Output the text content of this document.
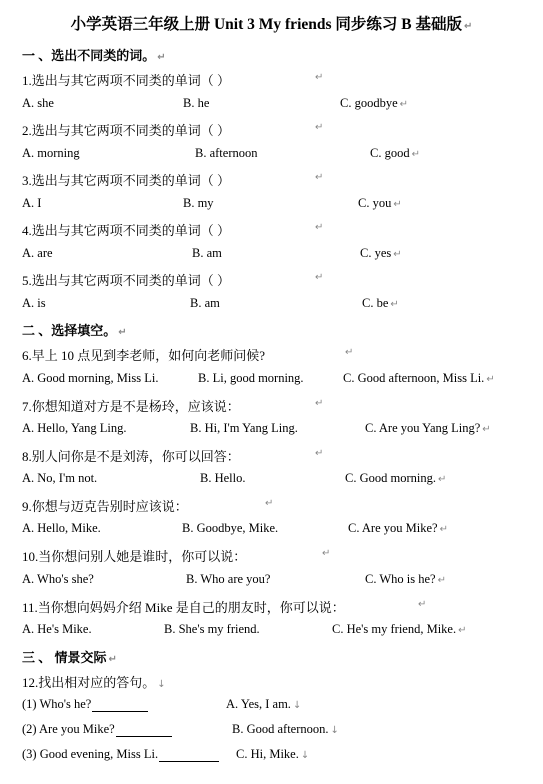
小学英语三年级上册 Unit 3 My friends 同步练习 B 基础版 ↵
一 、选出不同类的词。 ↵
1.选出与其它两项不同类的单词（ ）	↵
A. she	B. he	C. goodbye ↵
2.选出与其它两项不同类的单词（ ）	↵
A. morning	B. afternoon	C. good ↵
3.选出与其它两项不同类的单词（ ）	↵
A. I	B. my	C. you ↵
4.选出与其它两项不同类的单词（ ）	↵
A. are	B. am	C. yes ↵
5.选出与其它两项不同类的单词（ ）	↵
A. is	B. am	C. be ↵
二 、选择填空。 ↵
6.早上 10 点见到李老师，如何向老师问候?	↵
A. Good morning, Miss Li.	B. Li, good morning.	C. Good afternoon, Miss Li. ↵
7.你想知道对方是不是杨玲，应该说：	↵
A. Hello, Yang Ling.	B. Hi, I'm Yang Ling.	C. Are you Yang Ling? ↵
8.别人问你是不是刘涛，你可以回答：	↵
A. No, I'm not.	B. Hello.	C. Good morning. ↵
9.你想与迈克告别时应该说：	↵
A. Hello, Mike.	B. Goodbye, Mike.	C. Are you Mike? ↵
10.当你想问别人她是谁时，你可以说：	↵
A. Who's she?	B. Who are you?	C. Who is he? ↵
11.当你想向妈妈介绍 Mike 是自己的朋友时，你可以说：	↵
A. He's Mike.	B. She's my friend.	C. He's my friend, Mike. ↵
三 、 情景交际 ↵
12.找出相对应的答句。 ↓
(1) Who's he?	A. Yes, I am. ↓
(2) Are you Mike?	B. Good afternoon. ↓
(3) Good evening, Miss Li.	C. Hi, Mike. ↓
